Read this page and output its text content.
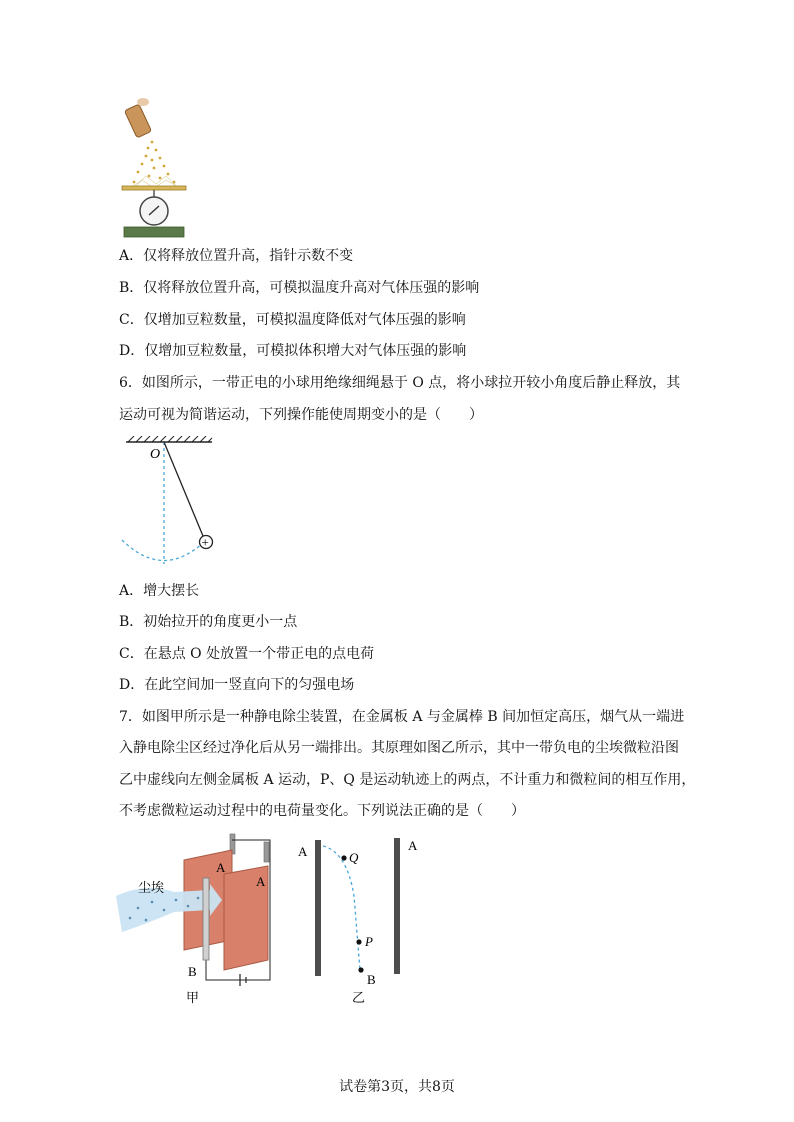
A．仅将释放位置升高，指针示数不变
B．仅将释放位置升高，可模拟温度升高对气体压强的影响
C．仅增加豆粒数量，可模拟温度降低对气体压强的影响
D．仅增加豆粒数量，可模拟体积增大对气体压强的影响
6．如图所示，一带正电的小球用绝缘细绳悬于 O 点，将小球拉开较小角度后静止释放，其
运动可视为简谐运动，下列操作能使周期变小的是（　　）
O
+
A．增大摆长
B．初始拉开的角度更小一点
C．在悬点 O 处放置一个带正电的点电荷
D．在此空间加一竖直向下的匀强电场
7．如图甲所示是一种静电除尘装置，在金属板 A 与金属棒 B 间加恒定高压，烟气从一端进
入静电除尘区经过净化后从另一端排出。其原理如图乙所示，其中一带负电的尘埃微粒沿图
乙中虚线向左侧金属板 A 运动，P、Q 是运动轨迹上的两点，不计重力和微粒间的相互作用，
不考虑微粒运动过程中的电荷量变化。下列说法正确的是（　　）
A
A
尘埃
B
甲
A	A
Q
P
B
乙
试卷第3页，共8页
